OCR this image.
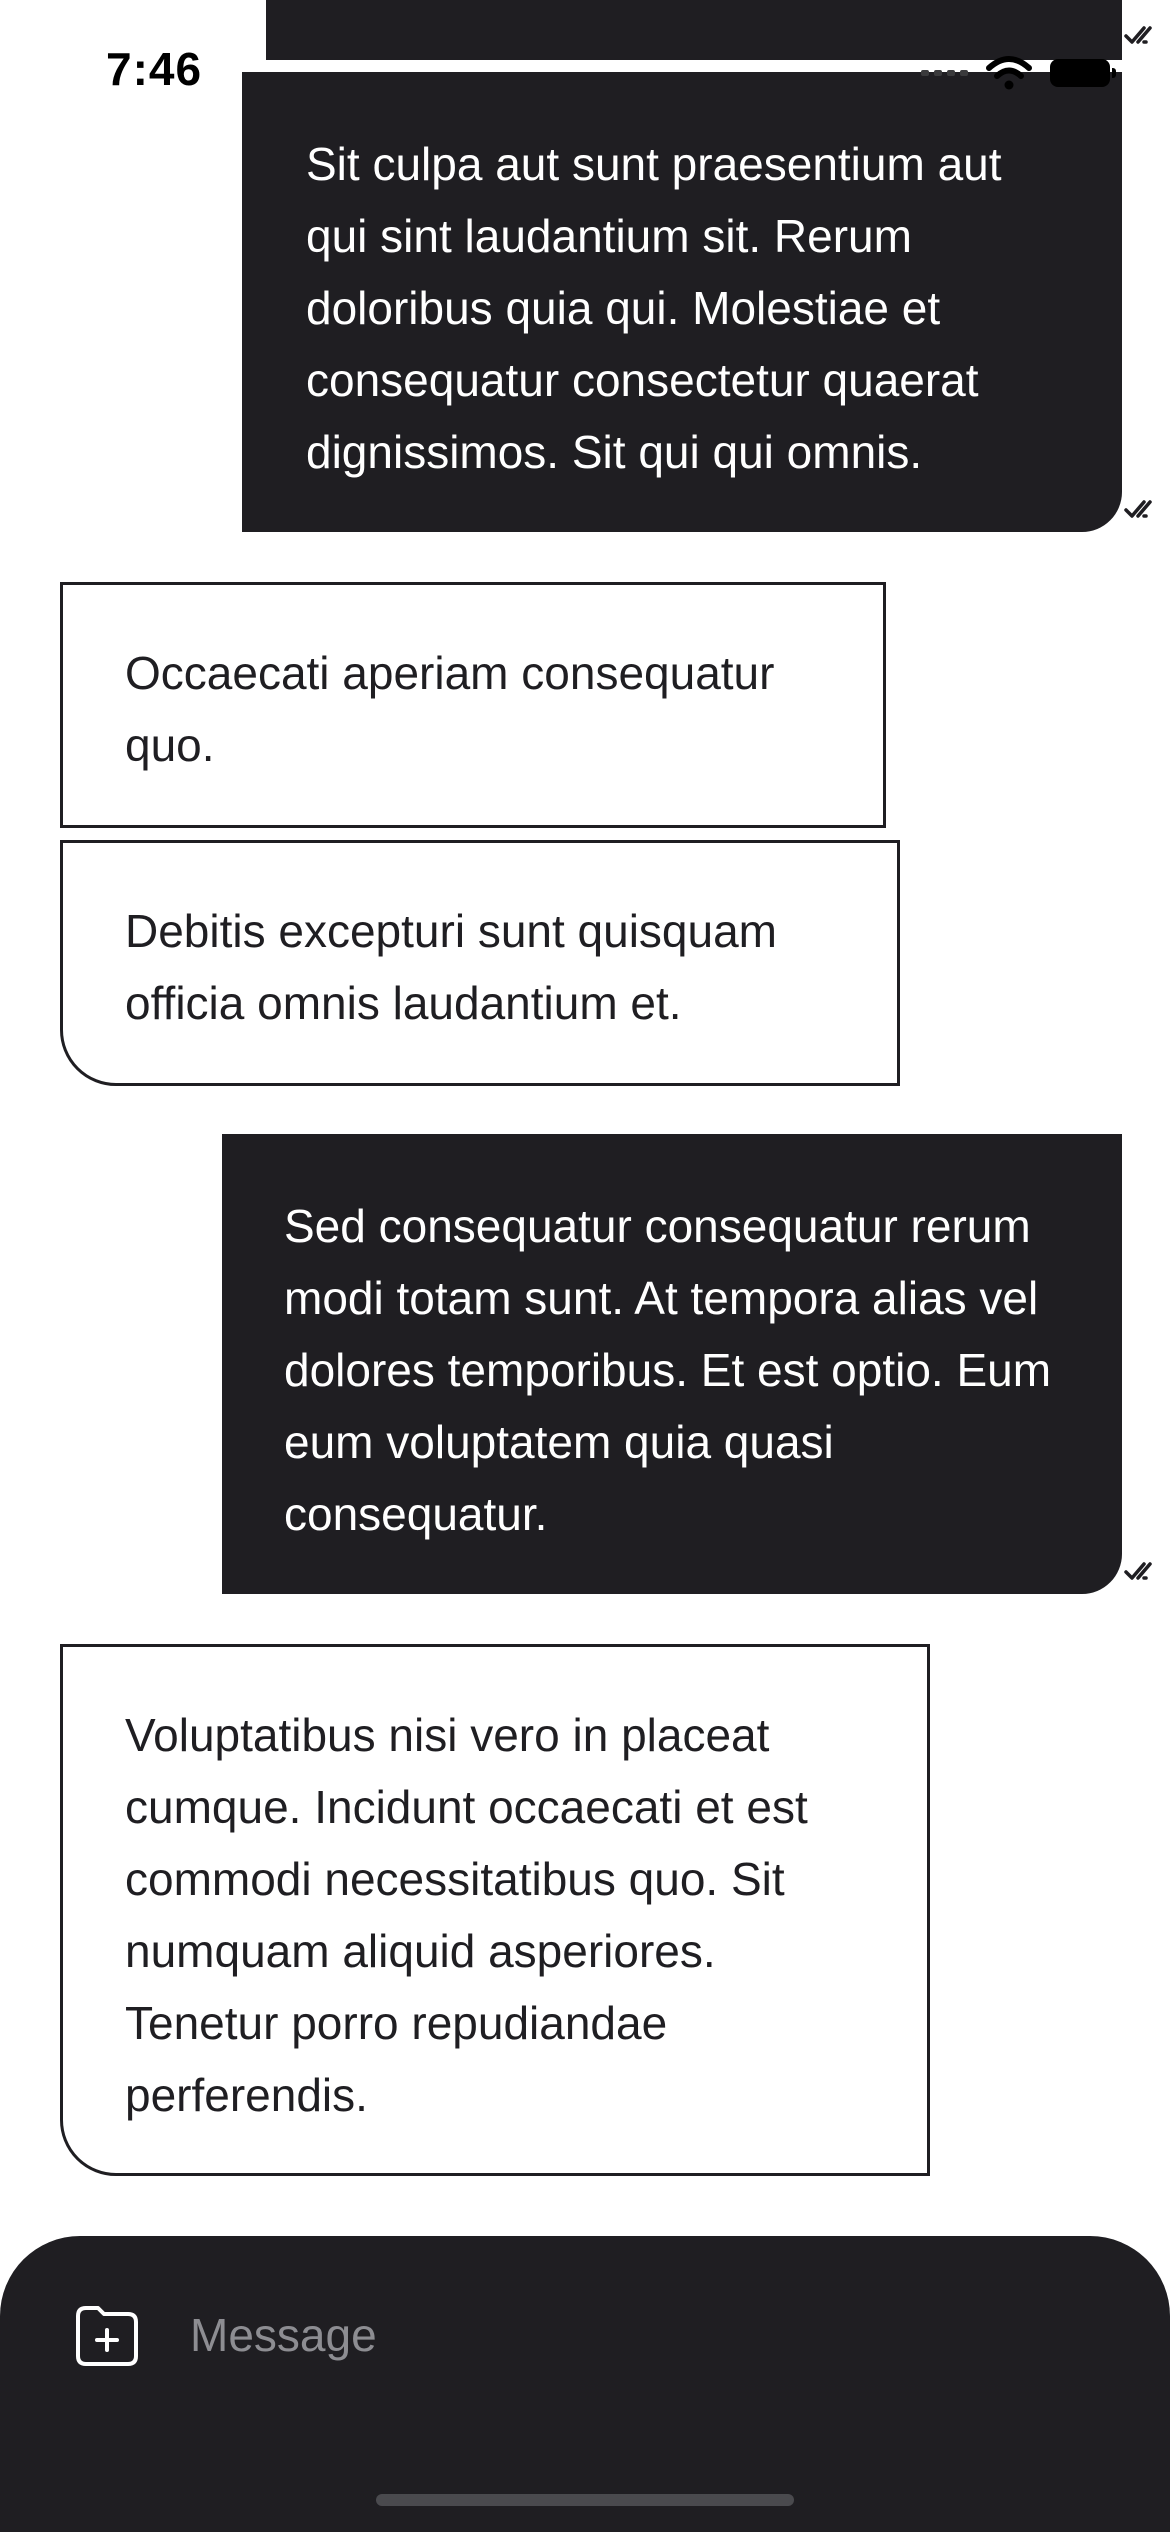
7:46
Sit culpa aut sunt praesentium aut qui sint laudantium sit. Rerum doloribus quia qui. Molestiae et consequatur consectetur quaerat dignissimos. Sit qui qui omnis.
Occaecati aperiam consequatur quo.
Debitis excepturi sunt quisquam officia omnis laudantium et.
Sed consequatur consequatur rerum modi totam sunt. At tempora alias vel dolores temporibus. Et est optio. Eum eum voluptatem quia quasi consequatur.
Voluptatibus nisi vero in placeat cumque. Incidunt occaecati et est commodi necessitatibus quo. Sit numquam aliquid asperiores. Tenetur porro repudiandae perferendis.
Message
